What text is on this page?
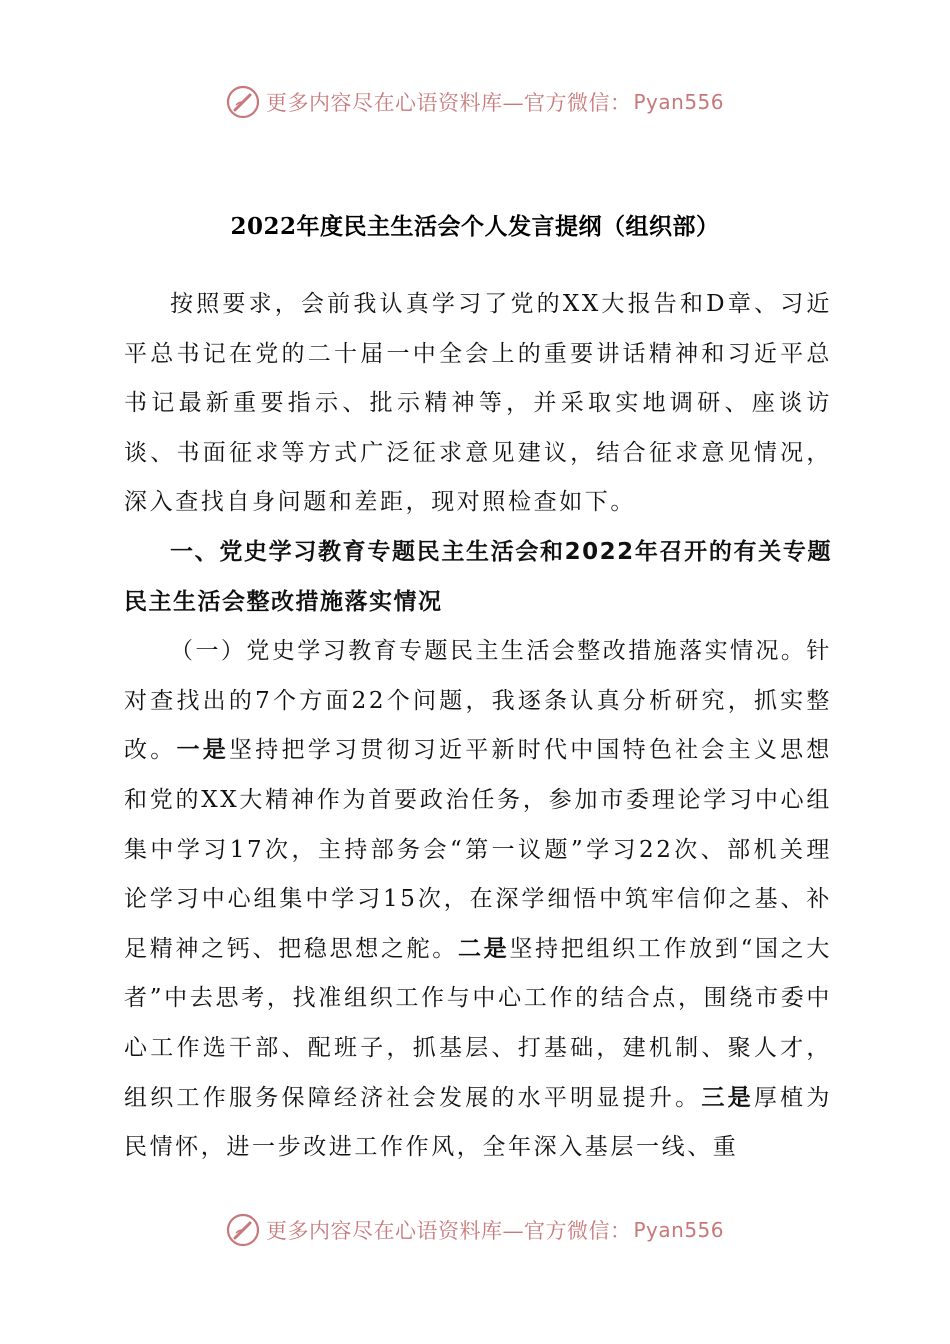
更多内容尽在心语资料库—官方微信： Pyan556
2022年度民主生活会个人发言提纲（组织部）

按照要求，会前我认真学习了党的XX大报告和D章、习近平总书记在党的二十届一中全会上的重要讲话精神和习近平总书记最新重要指示、批示精神等，并采取实地调研、座谈访谈、书面征求等方式广泛征求意见建议，结合征求意见情况，深入查找自身问题和差距，现对照检查如下。

一、党史学习教育专题民主生活会和2022年召开的有关专题民主生活会整改措施落实情况

（一）党史学习教育专题民主生活会整改措施落实情况。针对查找出的7个方面22个问题，我逐条认真分析研究，抓实整改。一是坚持把学习贯彻习近平新时代中国特色社会主义思想和党的XX大精神作为首要政治任务，参加市委理论学习中心组集中学习17次，主持部务会“第一议题”学习22次、部机关理论学习中心组集中学习15次，在深学细悟中筑牢信仰之基、补足精神之钙、把稳思想之舵。二是坚持把组织工作放到“国之大者”中去思考，找准组织工作与中心工作的结合点，围绕市委中心工作选干部、配班子，抓基层、打基础，建机制、聚人才，组织工作服务保障经济社会发展的水平明显提升。三是厚植为民情怀，进一步改进工作作风，全年深入基层一线、重

更多内容尽在心语资料库—官方微信： Pyan556
